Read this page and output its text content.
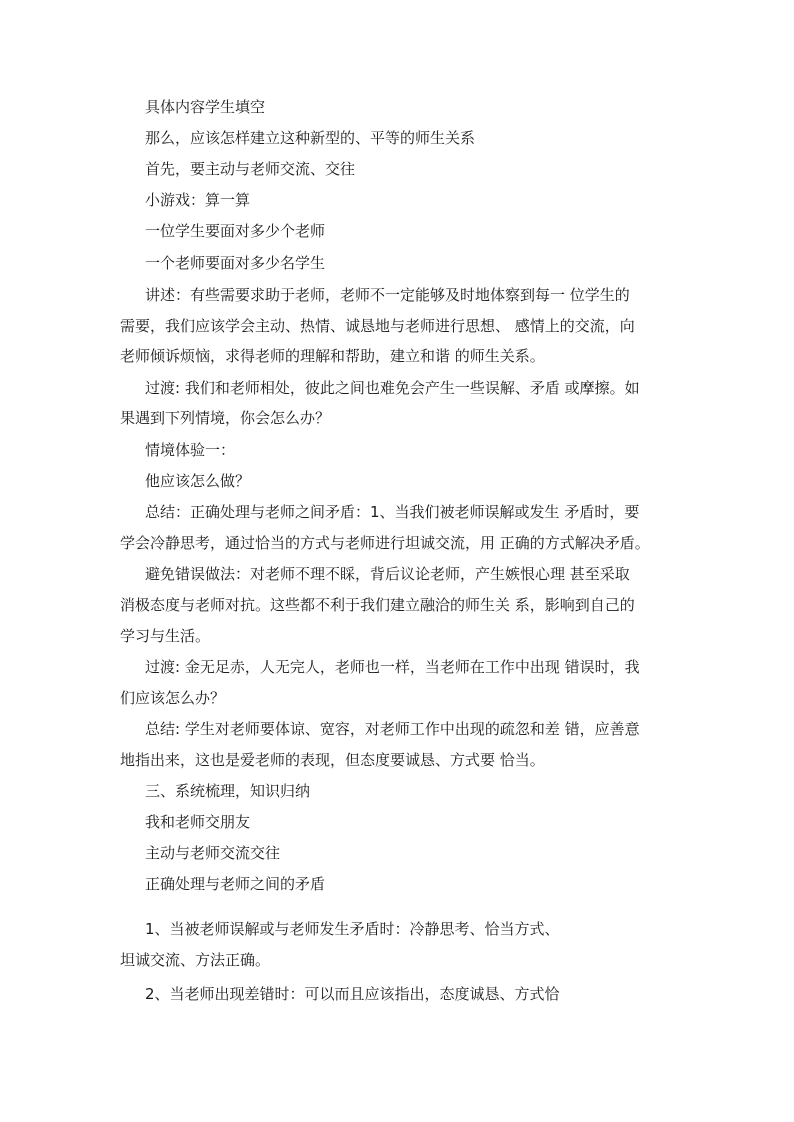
具体内容学生填空
那么，应该怎样建立这种新型的、平等的师生关系
首先，要主动与老师交流、交往
小游戏：算一算
一位学生要面对多少个老师
一个老师要面对多少名学生
讲述：有些需要求助于老师，老师不一定能够及时地体察到每一 位学生的
需要，我们应该学会主动、热情、诚恳地与老师进行思想、 感情上的交流，向
老师倾诉烦恼，求得老师的理解和帮助，建立和谐 的师生关系。
过渡: 我们和老师相处，彼此之间也难免会产生一些误解、矛盾 或摩擦。如
果遇到下列情境，你会怎么办？
情境体验一：
他应该怎么做？
总结：正确处理与老师之间矛盾：1、当我们被老师误解或发生 矛盾时，要
学会冷静思考，通过恰当的方式与老师进行坦诚交流，用 正确的方式解决矛盾。
避免错误做法：对老师不理不睬，背后议论老师，产生嫉恨心理 甚至采取
消极态度与老师对抗。这些都不利于我们建立融洽的师生关 系，影响到自己的
学习与生活。
过渡: 金无足赤，人无完人，老师也一样，当老师在工作中出现 错误时，我
们应该怎么办？
总结: 学生对老师要体谅、宽容，对老师工作中出现的疏忽和差 错，应善意
地指出来，这也是爱老师的表现，但态度要诚恳、方式要 恰当。
三、系统梳理，知识归纳
我和老师交朋友
主动与老师交流交往
正确处理与老师之间的矛盾
1、当被老师误解或与老师发生矛盾时：冷静思考、恰当方式、
坦诚交流、方法正确。
2、当老师出现差错时：可以而且应该指出，态度诚恳、方式恰
